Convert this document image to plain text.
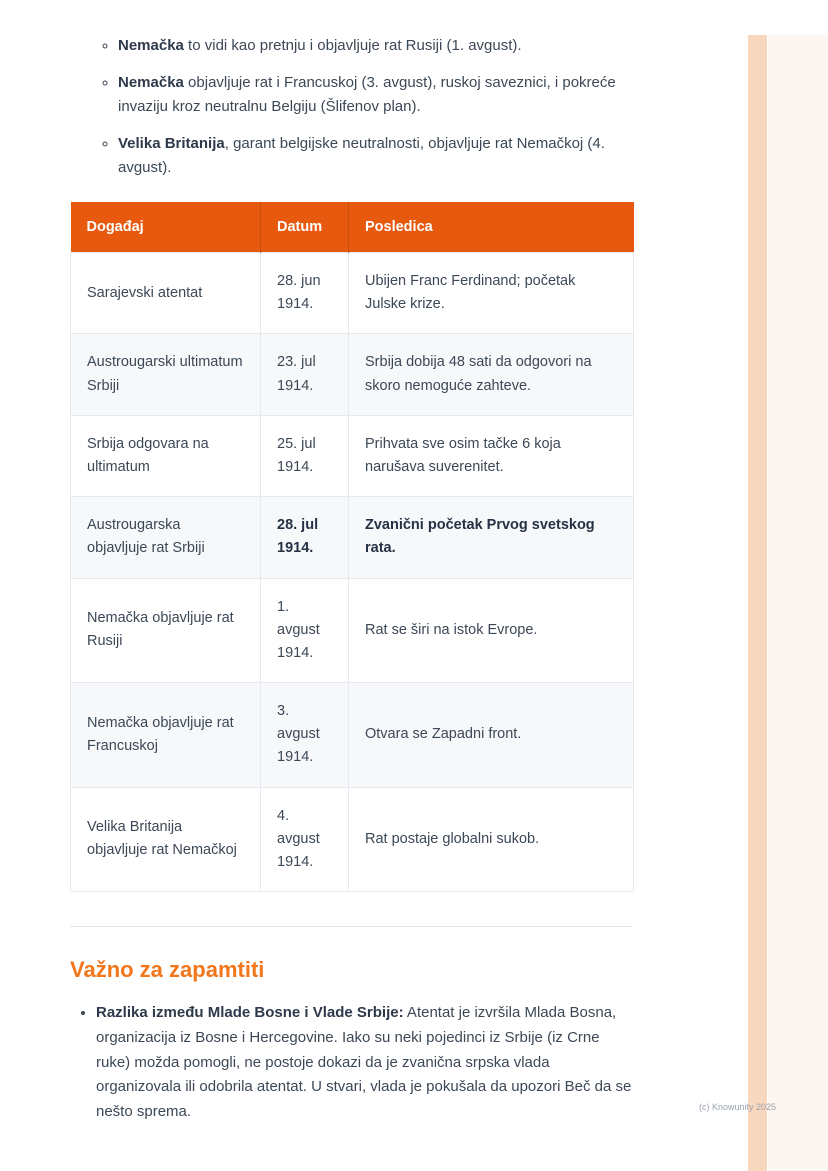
◦ Nemačka to vidi kao pretnju i objavljuje rat Rusiji (1. avgust).
◦ Nemačka objavljuje rat i Francuskoj (3. avgust), ruskoj saveznici, i pokreće invaziju kroz neutralnu Belgiju (Šlifenov plan).
◦ Velika Britanija, garant belgijske neutralnosti, objavljuje rat Nemačkoj (4. avgust).
Događaj	Datum	Posledica
Sarajevski atentat	28. jun 1914.	Ubijen Franc Ferdinand; početak Julske krize.
Austrougarski ultimatum Srbiji	23. jul 1914.	Srbija dobija 48 sati da odgovori na skoro nemoguće zahteve.
Srbija odgovara na ultimatum	25. jul 1914.	Prihvata sve osim tačke 6 koja narušava suverenitet.
Austrougarska objavljuje rat Srbiji	28. jul 1914.	Zvanični početak Prvog svetskog rata.
Nemačka objavljuje rat Rusiji	1. avgust 1914.	Rat se širi na istok Evrope.
Nemačka objavljuje rat Francuskoj	3. avgust 1914.	Otvara se Zapadni front.
Velika Britanija objavljuje rat Nemačkoj	4. avgust 1914.	Rat postaje globalni sukob.
Važno za zapamtiti
• Razlika između Mlade Bosne i Vlade Srbije: Atentat je izvršila Mlada Bosna, organizacija iz Bosne i Hercegovine. Iako su neki pojedinci iz Srbije (iz Crne ruke) možda pomogli, ne postoje dokazi da je zvanična srpska vlada organizovala ili odobrila atentat. U stvari, vlada je pokušala da upozori Beč da se nešto sprema.	(c) Knowunity 2025
